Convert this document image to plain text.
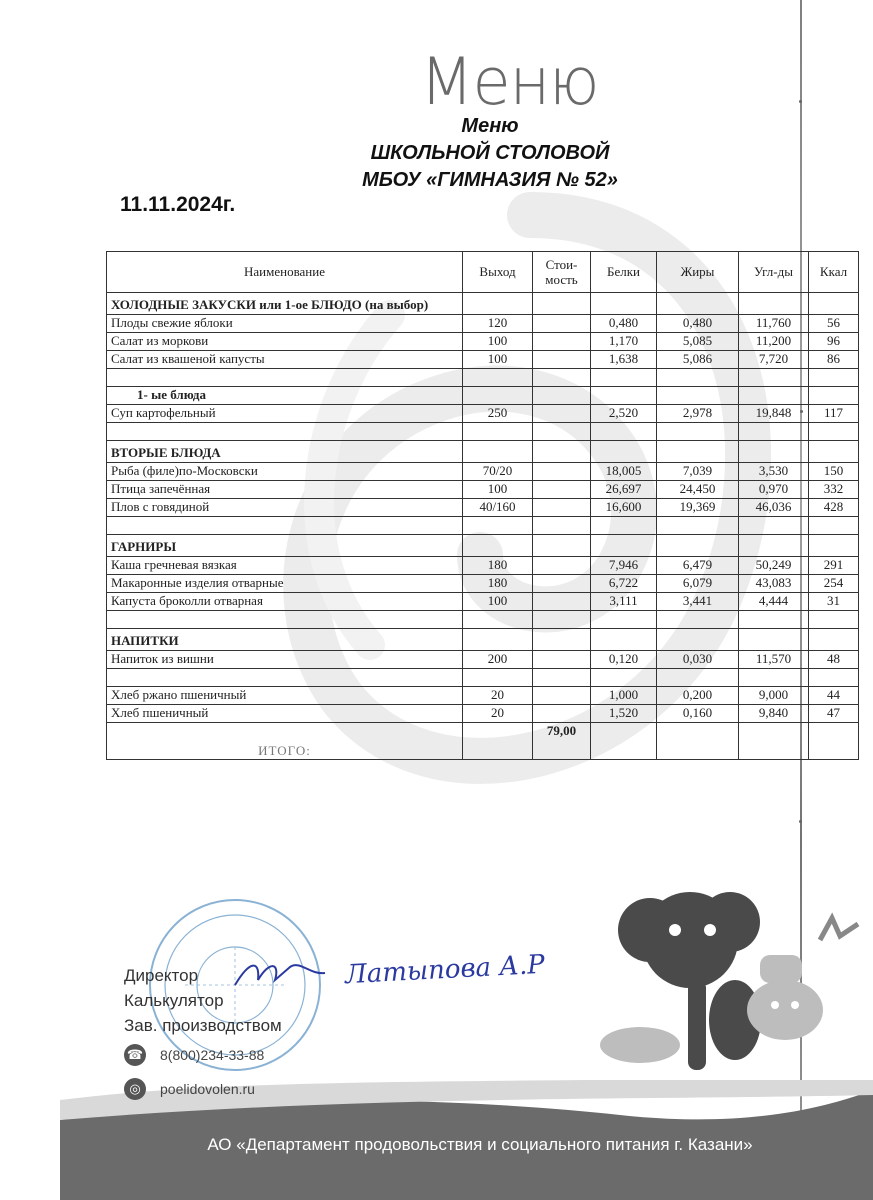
Меню
Меню
ШКОЛЬНОЙ СТОЛОВОЙ
МБОУ «ГИМНАЗИЯ № 52»
11.11.2024г.
Наименование	Выход	Стои-мость	Белки	Жиры	Угл-ды	Ккал
ХОЛОДНЫЕ ЗАКУСКИ или 1-ое БЛЮДО (на выбор)						
Плоды свежие яблоки	120		0,480	0,480	11,760	56
Салат из моркови	100		1,170	5,085	11,200	96
Салат из квашеной капусты	100		1,638	5,086	7,720	86

1- ые блюда						
Суп картофельный	250		2,520	2,978	19,848	117

ВТОРЫЕ БЛЮДА						
Рыба (филе)по-Московски	70/20		18,005	7,039	3,530	150
Птица запечённая	100		26,697	24,450	0,970	332
Плов с говядиной	40/160		16,600	19,369	46,036	428

ГАРНИРЫ						
Каша гречневая вязкая	180		7,946	6,479	50,249	291
Макаронные изделия отварные	180		6,722	6,079	43,083	254
Капуста броколли отварная	100		3,111	3,441	4,444	31

НАПИТКИ						
Напиток из вишни	200		0,120	0,030	11,570	48

Хлеб ржано пшеничный	20		1,000	0,200	9,000	44
Хлеб пшеничный	20		1,520	0,160	9,840	47
ИТОГО:		79,00				
Директор
Калькулятор
Зав. производством
Латыпова А.Р
☎ 8(800)234-33-88
◎	poelidovolen.ru
АО «Департамент продовольствия и социального питания г. Казани»
